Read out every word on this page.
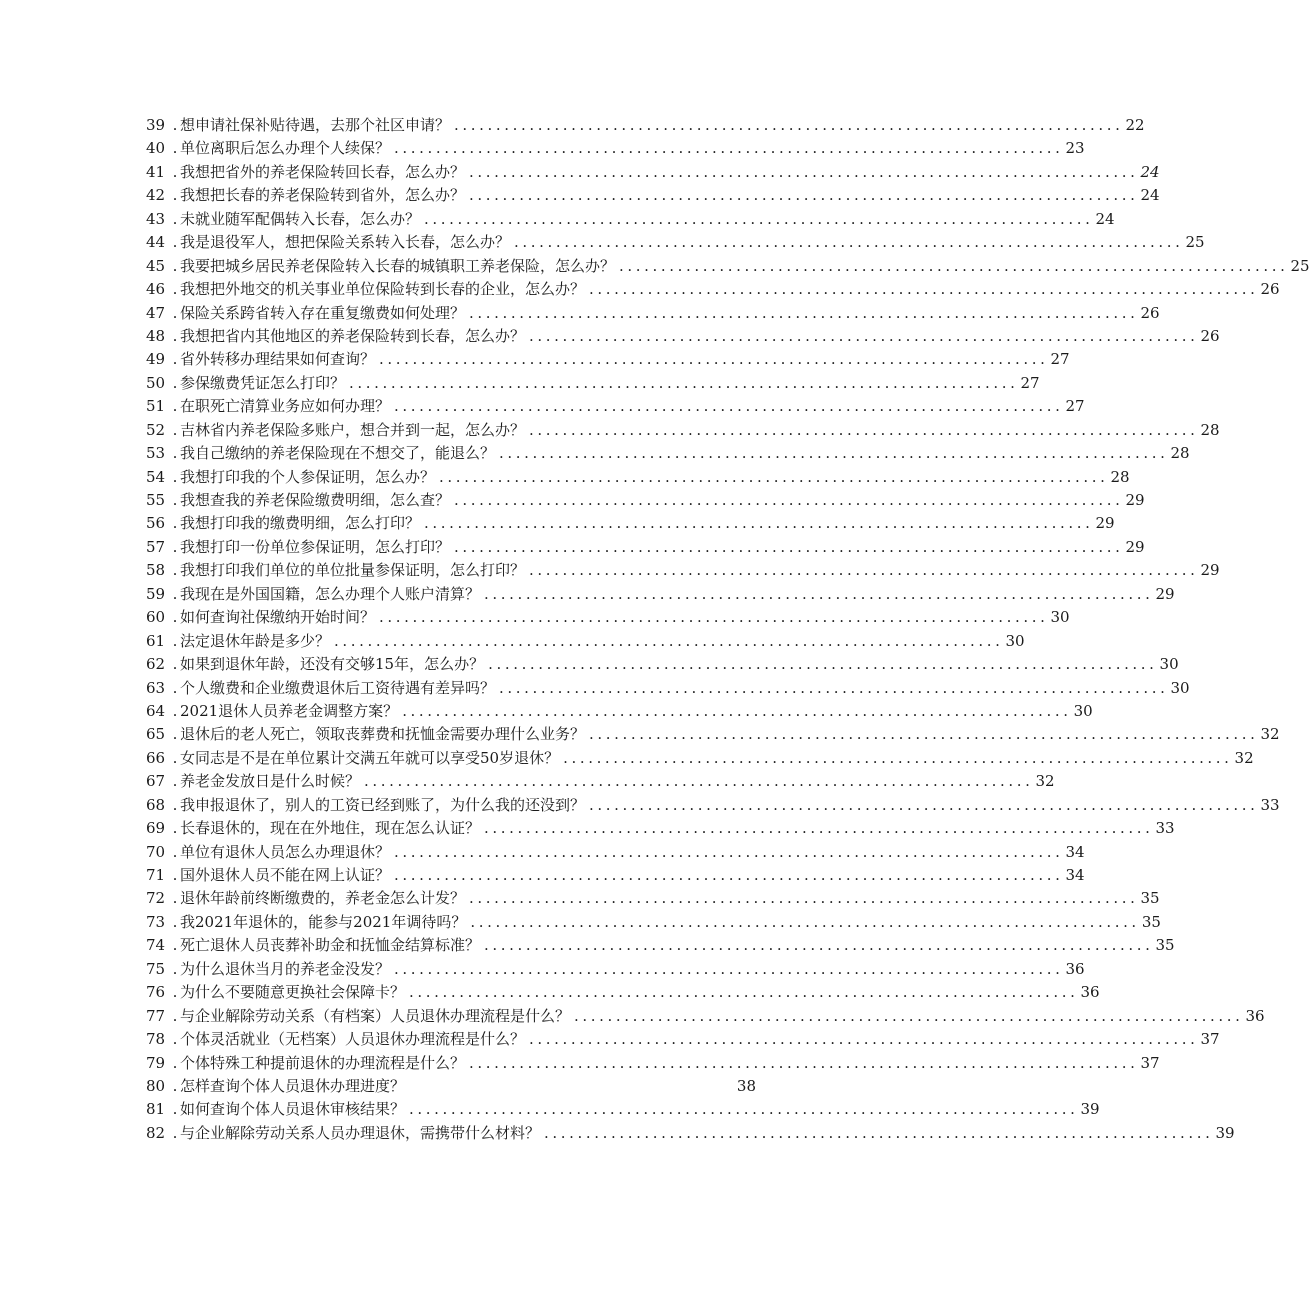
39 . 想申请社保补贴待遇，去那个社区申请？ ................................................................................ 22
40 . 单位离职后怎么办理个人续保？ ................................................................................ 23
41 . 我想把省外的养老保险转回长春，怎么办？ ................................................................................ 24
42 . 我想把长春的养老保险转到省外，怎么办？ ................................................................................ 24
43 . 未就业随军配偶转入长春，怎么办？ ................................................................................ 24
44 . 我是退役军人，想把保险关系转入长春，怎么办？ ................................................................................ 25
45 . 我要把城乡居民养老保险转入长春的城镇职工养老保险，怎么办？ ................................................................................ 25
46 . 我想把外地交的机关事业单位保险转到长春的企业，怎么办？ ................................................................................ 26
47 . 保险关系跨省转入存在重复缴费如何处理？ ................................................................................ 26
48 . 我想把省内其他地区的养老保险转到长春，怎么办？ ................................................................................ 26
49 . 省外转移办理结果如何查询？ ................................................................................ 27
50 . 参保缴费凭证怎么打印？ ................................................................................ 27
51 . 在职死亡清算业务应如何办理？ ................................................................................ 27
52 . 吉林省内养老保险多账户，想合并到一起，怎么办？ ................................................................................ 28
53 . 我自己缴纳的养老保险现在不想交了，能退么？ ................................................................................ 28
54 . 我想打印我的个人参保证明，怎么办？ ................................................................................ 28
55 . 我想查我的养老保险缴费明细，怎么查？ ................................................................................ 29
56 . 我想打印我的缴费明细，怎么打印？ ................................................................................ 29
57 . 我想打印一份单位参保证明，怎么打印？ ................................................................................ 29
58 . 我想打印我们单位的单位批量参保证明，怎么打印？ ................................................................................ 29
59 . 我现在是外国国籍，怎么办理个人账户清算？ ................................................................................ 29
60 . 如何查询社保缴纳开始时间？ ................................................................................ 30
61 . 法定退休年龄是多少？ ................................................................................ 30
62 . 如果到退休年龄，还没有交够15年，怎么办？ ................................................................................ 30
63 . 个人缴费和企业缴费退休后工资待遇有差异吗？ ................................................................................ 30
64 . 2021退休人员养老金调整方案？ ................................................................................ 30
65 . 退休后的老人死亡，领取丧葬费和抚恤金需要办理什么业务？ ................................................................................ 32
66 . 女同志是不是在单位累计交满五年就可以享受50岁退休？ ................................................................................ 32
67 . 养老金发放日是什么时候？ ................................................................................ 32
68 . 我申报退休了，别人的工资已经到账了，为什么我的还没到？ ................................................................................ 33
69 . 长春退休的，现在在外地住，现在怎么认证？ ................................................................................ 33
70 . 单位有退休人员怎么办理退休？ ................................................................................ 34
71 . 国外退休人员不能在网上认证？ ................................................................................ 34
72 . 退休年龄前终断缴费的，养老金怎么计发？ ................................................................................ 35
73 . 我2021年退休的，能参与2021年调待吗？ ................................................................................ 35
74 . 死亡退休人员丧葬补助金和抚恤金结算标准？ ................................................................................ 35
75 . 为什么退休当月的养老金没发？ ................................................................................ 36
76 . 为什么不要随意更换社会保障卡？ ................................................................................ 36
77 . 与企业解除劳动关系（有档案）人员退休办理流程是什么？ ................................................................................ 36
78 . 个体灵活就业（无档案）人员退休办理流程是什么？ ................................................................................ 37
79 . 个体特殊工种提前退休的办理流程是什么？ ................................................................................ 37
80 . 怎样查询个体人员退休办理进度？	38
81 . 如何查询个体人员退休审核结果？ ................................................................................ 39
82 . 与企业解除劳动关系人员办理退休，需携带什么材料？ ................................................................................ 39
